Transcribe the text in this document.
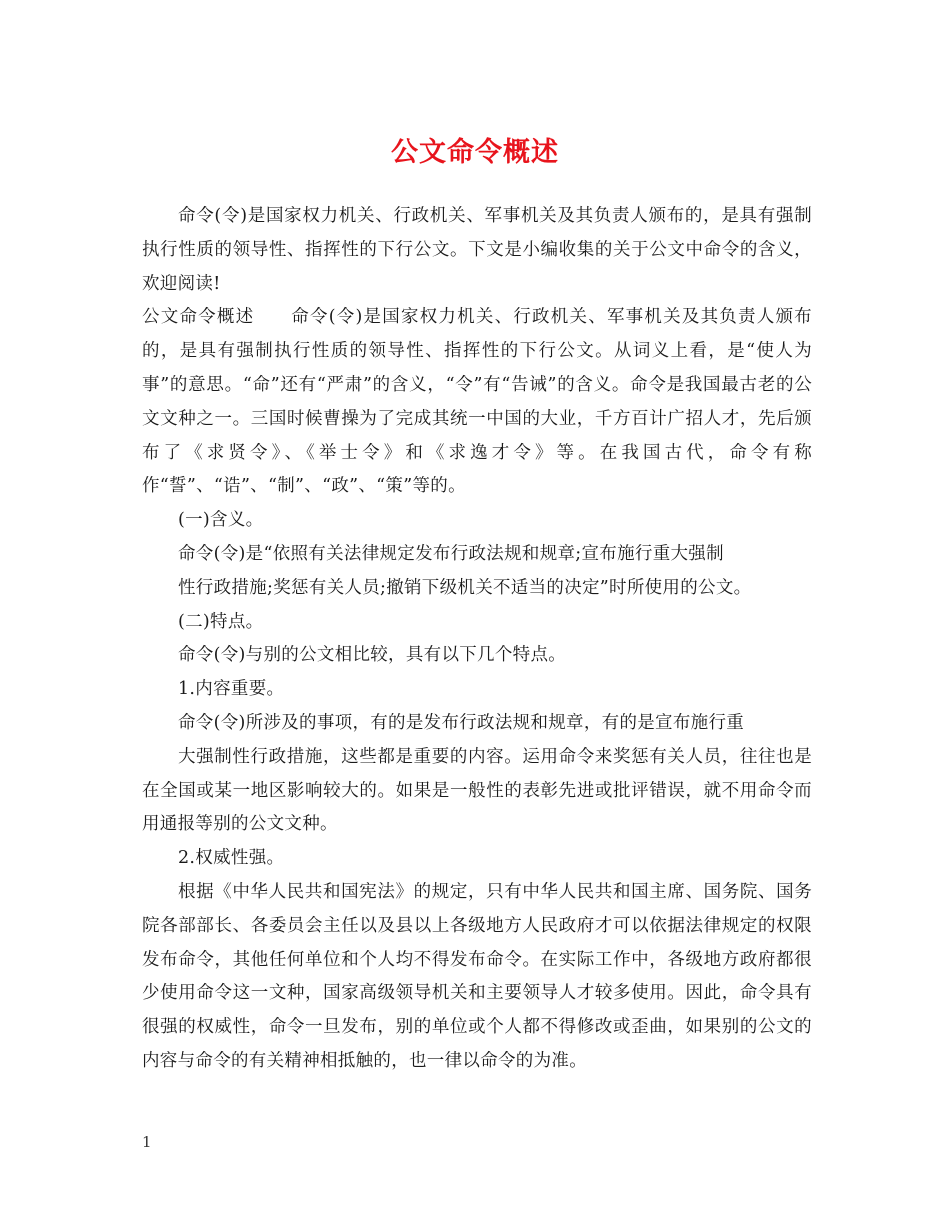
公文命令概述

命令(令)是国家权力机关、行政机关、军事机关及其负责人颁布的，是具有强制执行性质的领导性、指挥性的下行公文。下文是小编收集的关于公文中命令的含义，欢迎阅读!

公文命令概述 命令(令)是国家权力机关、行政机关、军事机关及其负责人颁布的，是具有强制执行性质的领导性、指挥性的下行公文。从词义上看，是“使人为事”的意思。“命”还有“严肃”的含义，“令”有“告诫”的含义。命令是我国最古老的公文文种之一。三国时候曹操为了完成其统一中国的大业，千方百计广招人才，先后颁布了《求贤令》、《举士令》和《求逸才令》等。在我国古代，命令有称作“誓”、“诰”、“制”、“政”、“策”等的。

(一)含义。

命令(令)是“依照有关法律规定发布行政法规和规章;宣布施行重大强制

性行政措施;奖惩有关人员;撤销下级机关不适当的决定”时所使用的公文。

(二)特点。

命令(令)与别的公文相比较，具有以下几个特点。

1.内容重要。

命令(令)所涉及的事项，有的是发布行政法规和规章，有的是宣布施行重

大强制性行政措施，这些都是重要的内容。运用命令来奖惩有关人员，往往也是在全国或某一地区影响较大的。如果是一般性的表彰先进或批评错误，就不用命令而用通报等别的公文文种。

2.权威性强。

根据《中华人民共和国宪法》的规定，只有中华人民共和国主席、国务院、国务院各部部长、各委员会主任以及县以上各级地方人民政府才可以依据法律规定的权限发布命令，其他任何单位和个人均不得发布命令。在实际工作中，各级地方政府都很少使用命令这一文种，国家高级领导机关和主要领导人才较多使用。因此，命令具有很强的权威性，命令一旦发布，别的单位或个人都不得修改或歪曲，如果别的公文的内容与命令的有关精神相抵触的，也一律以命令的为准。

1
